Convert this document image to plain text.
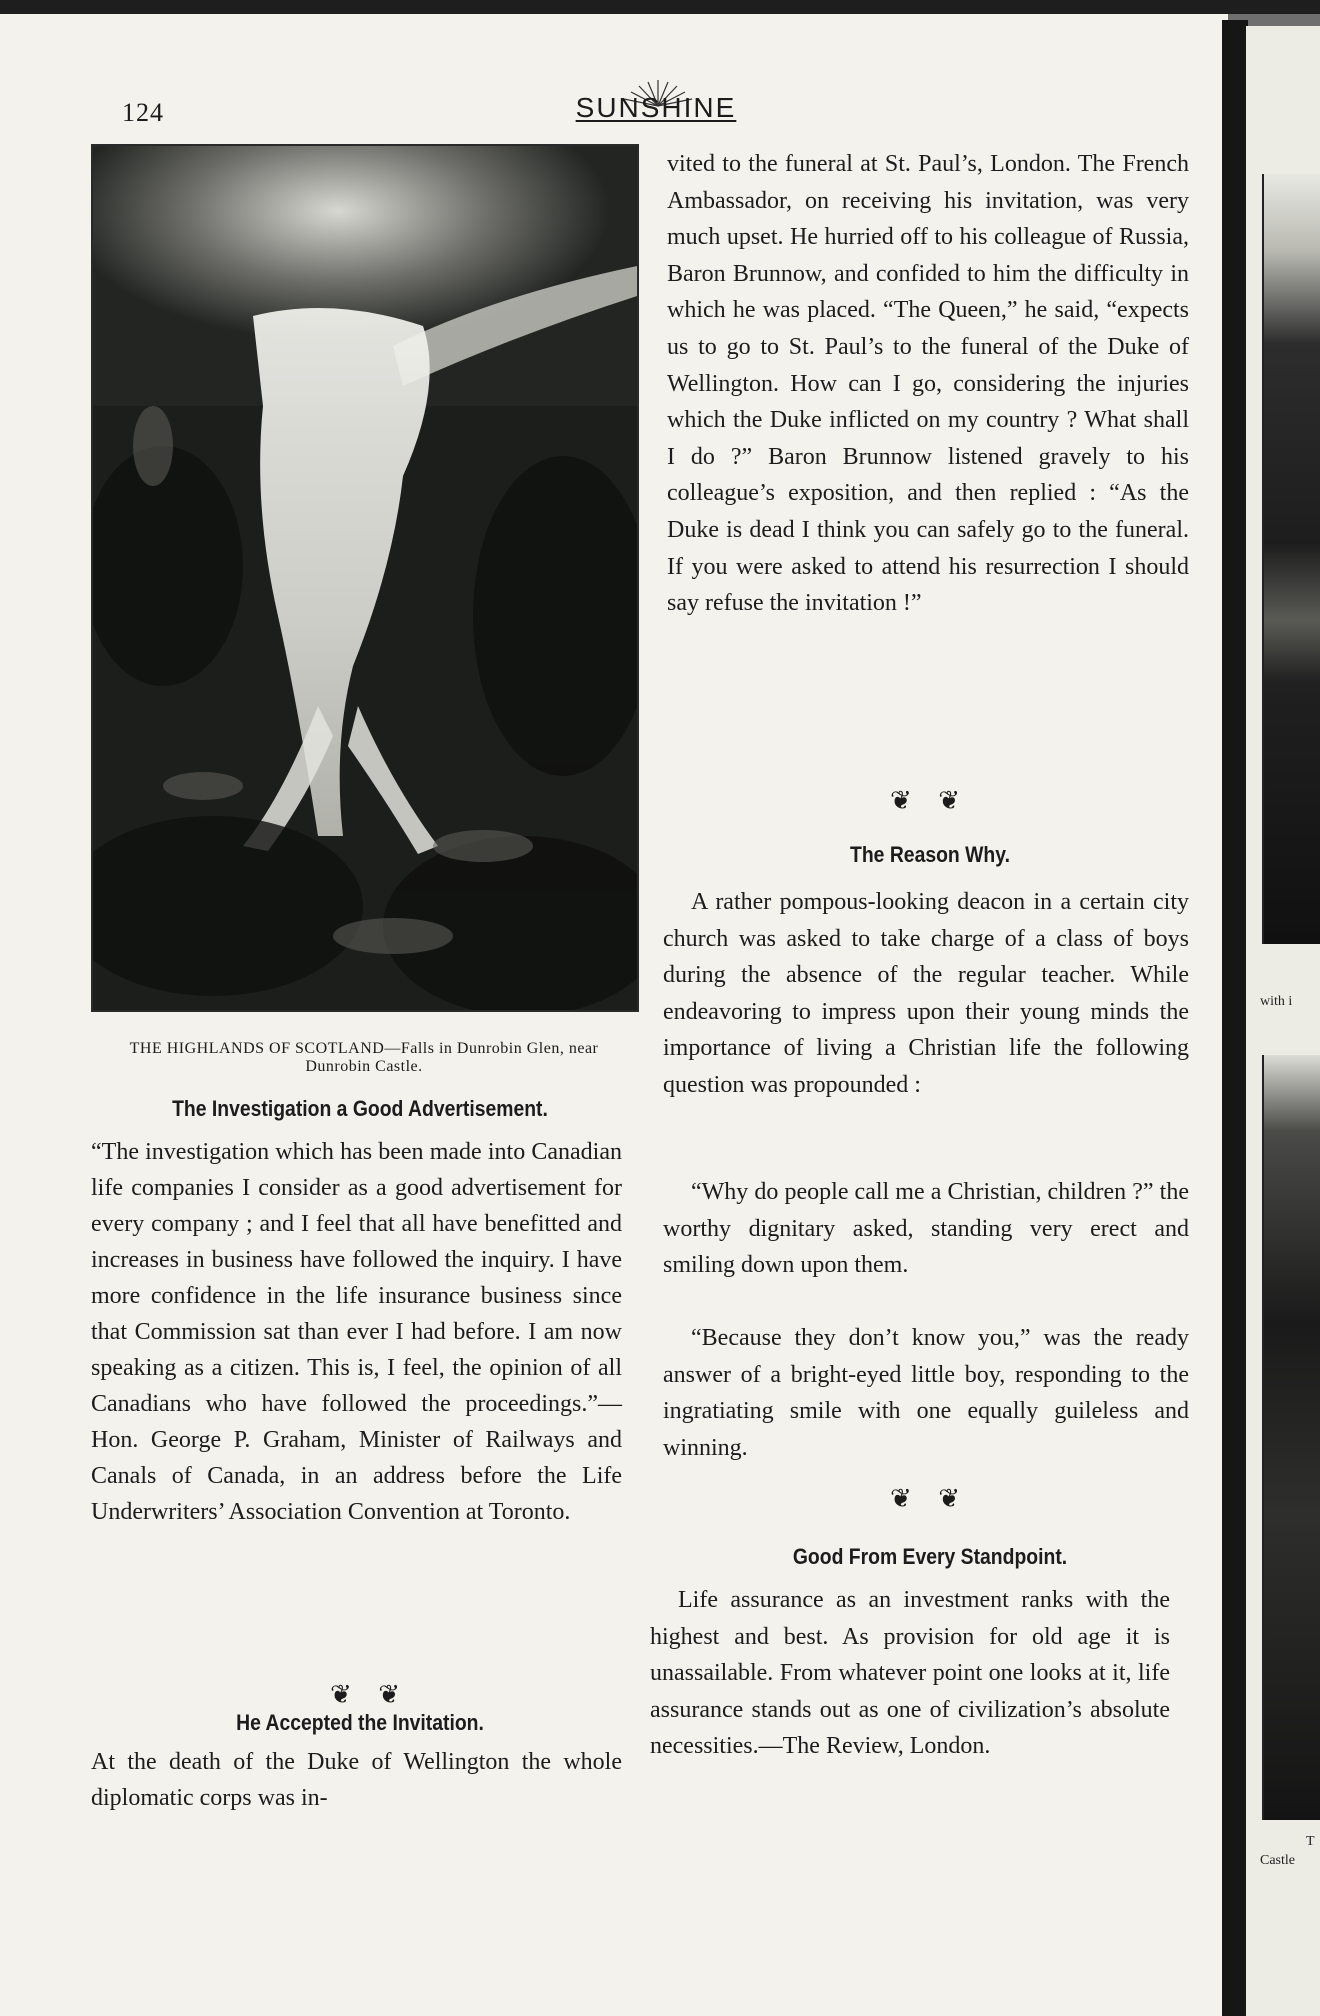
with i
T
Castle
124	SUNSHINE
THE HIGHLANDS OF SCOTLAND—Falls in Dunrobin Glen, near Dunrobin Castle.
The Investigation a Good Advertisement.

“The investigation which has been made into Canadian life companies I consider as a good advertisement for every company ; and I feel that all have benefitted and increases in business have followed the inquiry. I have more confidence in the life insurance business since that Commission sat than ever I had before. I am now speaking as a citizen. This is, I feel, the opinion of all Canadians who have followed the proceedings.”—Hon. George P. Graham, Minister of Railways and Canals of Canada, in an address before the Life Underwriters’ Association Convention at Toronto.

❦ ❦
He Accepted the Invitation.

At the death of the Duke of Wellington the whole diplomatic corps was in-

vited to the funeral at St. Paul’s, London. The French Ambassador, on receiving his invitation, was very much upset. He hurried off to his colleague of Russia, Baron Brunnow, and confided to him the difficulty in which he was placed. “The Queen,” he said, “expects us to go to St. Paul’s to the funeral of the Duke of Wellington. How can I go, considering the injuries which the Duke inflicted on my country ? What shall I do ?” Baron Brunnow listened gravely to his colleague’s exposition, and then replied : “As the Duke is dead I think you can safely go to the funeral. If you were asked to attend his resurrection I should say refuse the invitation !”

❦ ❦
The Reason Why.

A rather pompous-looking deacon in a certain city church was asked to take charge of a class of boys during the absence of the regular teacher. While endeavoring to impress upon their young minds the importance of living a Christian life the following question was propounded :

“Why do people call me a Christian, children ?” the worthy dignitary asked, standing very erect and smiling down upon them.

“Because they don’t know you,” was the ready answer of a bright-eyed little boy, responding to the ingratiating smile with one equally guileless and winning.

❦ ❦
Good From Every Standpoint.

Life assurance as an investment ranks with the highest and best. As provision for old age it is unassailable. From whatever point one looks at it, life assurance stands out as one of civilization’s absolute necessities.—The Review, London.
